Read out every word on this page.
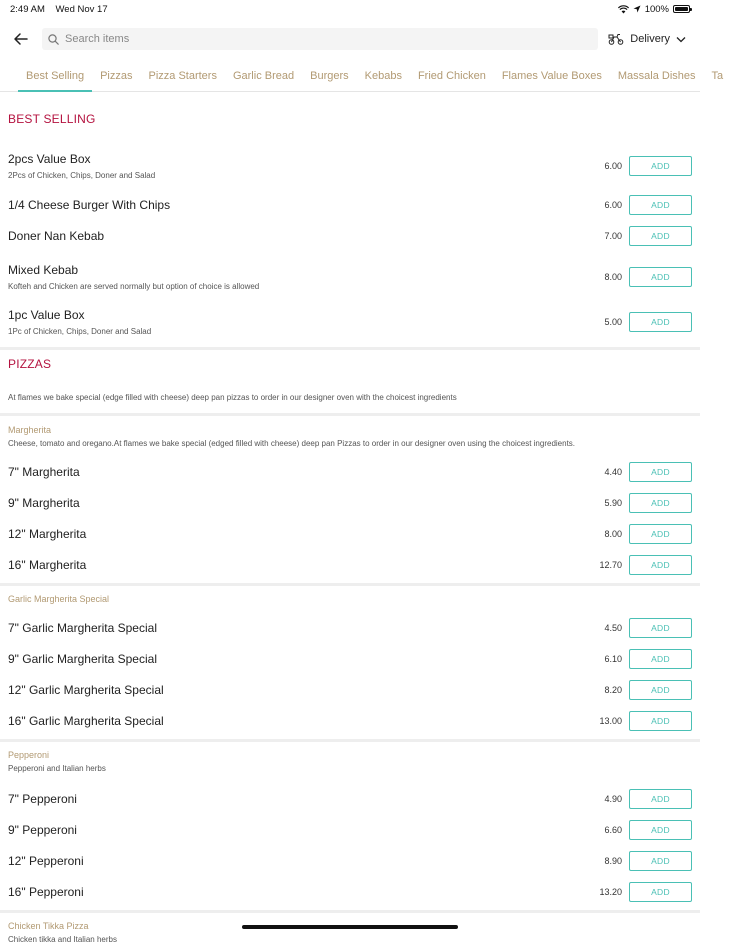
2:49 AM Wed Nov 17	100%
Search items
Delivery
Best Selling	Pizzas	Pizza Starters	Garlic Bread	Burgers	Kebabs	Fried Chicken	Flames Value Boxes	Massala Dishes	Ta
BEST SELLING
2pcs Value Box
2Pcs of Chicken, Chips, Doner and Salad
6.00	ADD
1/4 Cheese Burger With Chips	6.00	ADD
Doner Nan Kebab	7.00	ADD
Mixed Kebab
Kofteh and Chicken are served normally but option of choice is allowed
8.00	ADD
1pc Value Box
1Pc of Chicken, Chips, Doner and Salad
5.00	ADD
PIZZAS
At flames we bake special (edge filled with cheese) deep pan pizzas to order in our designer oven with the choicest ingredients
Margherita
Cheese, tomato and oregano.At flames we bake special (edged filled with cheese) deep pan Pizzas to order in our designer oven using the choicest ingredients.
7" Margherita	4.40	ADD
9" Margherita	5.90	ADD
12" Margherita	8.00	ADD
16" Margherita	12.70	ADD
Garlic Margherita Special
7" Garlic Margherita Special	4.50	ADD
9" Garlic Margherita Special	6.10	ADD
12" Garlic Margherita Special	8.20	ADD
16" Garlic Margherita Special	13.00	ADD
Pepperoni
Pepperoni and Italian herbs
7" Pepperoni	4.90	ADD
9" Pepperoni	6.60	ADD
12" Pepperoni	8.90	ADD
16" Pepperoni	13.20	ADD
Chicken Tikka Pizza
Chicken tikka and Italian herbs
